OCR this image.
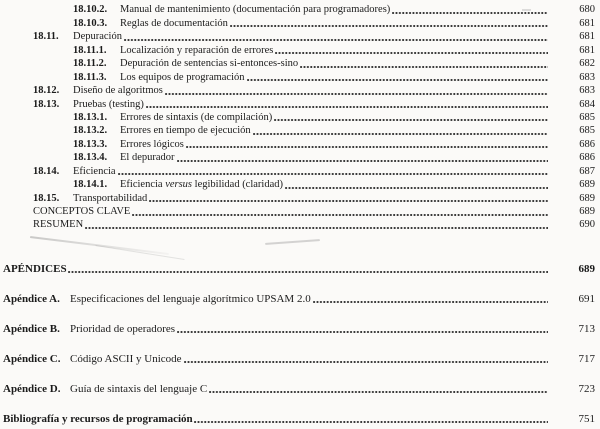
18.10.2.	Manual de mantenimiento (documentación para programadores)	680
18.10.3.	Reglas de documentación	681
18.11.	Depuración	681
18.11.1.	Localización y reparación de errores	681
18.11.2.	Depuración de sentencias si-entonces-sino	682
18.11.3.	Los equipos de programación	683
18.12.	Diseño de algoritmos	683
18.13.	Pruebas (testing)	684
18.13.1.	Errores de sintaxis (de compilación)	685
18.13.2.	Errores en tiempo de ejecución	685
18.13.3.	Errores lógicos	686
18.13.4.	El depurador	686
18.14.	Eficiencia	687
18.14.1.	Eficiencia versus legibilidad (claridad)	689
18.15.	Transportabilidad	689
CONCEPTOS CLAVE	689
RESUMEN	690
APÉNDICES	689
Apéndice A. Especificaciones del lenguaje algorítmico UPSAM 2.0	691
Apéndice B. Prioridad de operadores	713
Apéndice C. Código ASCII y Unicode	717
Apéndice D. Guía de sintaxis del lenguaje C	723
Bibliografía y recursos de programación	751
